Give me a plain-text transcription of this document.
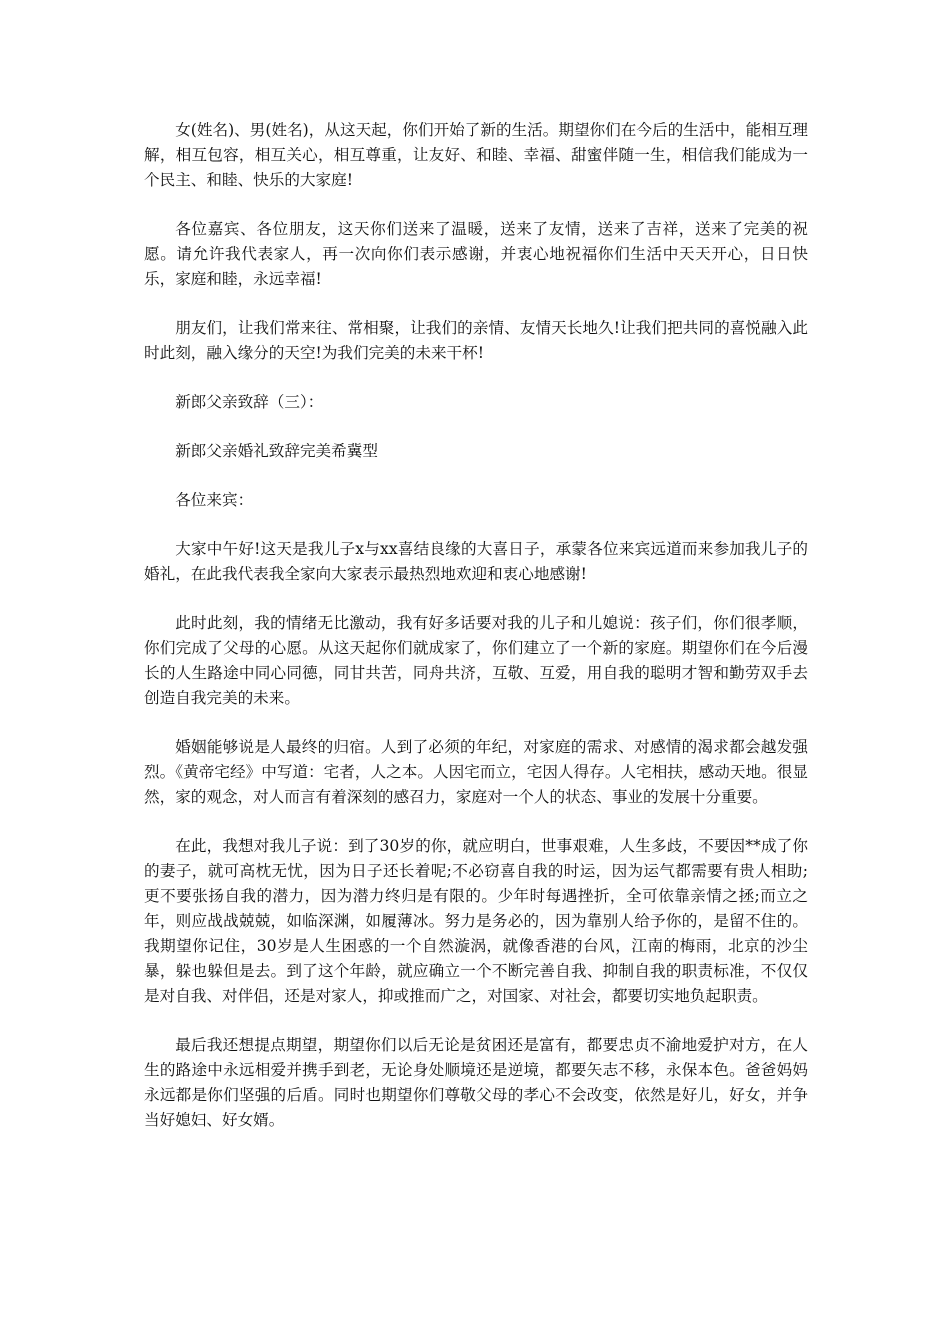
女(姓名)、男(姓名)，从这天起，你们开始了新的生活。期望你们在今后的生活中，能相互理解，相互包容，相互关心，相互尊重，让友好、和睦、幸福、甜蜜伴随一生，相信我们能成为一个民主、和睦、快乐的大家庭!

各位嘉宾、各位朋友，这天你们送来了温暖，送来了友情，送来了吉祥，送来了完美的祝愿。请允许我代表家人，再一次向你们表示感谢，并衷心地祝福你们生活中天天开心，日日快乐，家庭和睦，永远幸福!

朋友们，让我们常来往、常相聚，让我们的亲情、友情天长地久!让我们把共同的喜悦融入此时此刻，融入缘分的天空!为我们完美的未来干杯!

新郎父亲致辞（三）：

新郎父亲婚礼致辞完美希冀型

各位来宾：

大家中午好!这天是我儿子x与xx喜结良缘的大喜日子，承蒙各位来宾远道而来参加我儿子的婚礼，在此我代表我全家向大家表示最热烈地欢迎和衷心地感谢!

此时此刻，我的情绪无比激动，我有好多话要对我的儿子和儿媳说：孩子们，你们很孝顺，你们完成了父母的心愿。从这天起你们就成家了，你们建立了一个新的家庭。期望你们在今后漫长的人生路途中同心同德，同甘共苦，同舟共济，互敬、互爱，用自我的聪明才智和勤劳双手去创造自我完美的未来。

婚姻能够说是人最终的归宿。人到了必须的年纪，对家庭的需求、对感情的渴求都会越发强烈。《黄帝宅经》中写道：宅者，人之本。人因宅而立，宅因人得存。人宅相扶，感动天地。很显然，家的观念，对人而言有着深刻的感召力，家庭对一个人的状态、事业的发展十分重要。

在此，我想对我儿子说：到了30岁的你，就应明白，世事艰难，人生多歧，不要因**成了你的妻子，就可高枕无忧，因为日子还长着呢;不必窃喜自我的时运，因为运气都需要有贵人相助;更不要张扬自我的潜力，因为潜力终归是有限的。少年时每遇挫折，全可依靠亲情之拯;而立之年，则应战战兢兢，如临深渊，如履薄冰。努力是务必的，因为靠别人给予你的，是留不住的。我期望你记住，30岁是人生困惑的一个自然漩涡，就像香港的台风，江南的梅雨，北京的沙尘暴，躲也躲但是去。到了这个年龄，就应确立一个不断完善自我、抑制自我的职责标准，不仅仅是对自我、对伴侣，还是对家人，抑或推而广之，对国家、对社会，都要切实地负起职责。

最后我还想提点期望，期望你们以后无论是贫困还是富有，都要忠贞不渝地爱护对方，在人生的路途中永远相爱并携手到老，无论身处顺境还是逆境，都要矢志不移，永保本色。爸爸妈妈永远都是你们坚强的后盾。同时也期望你们尊敬父母的孝心不会改变，依然是好儿，好女，并争当好媳妇、好女婿。
